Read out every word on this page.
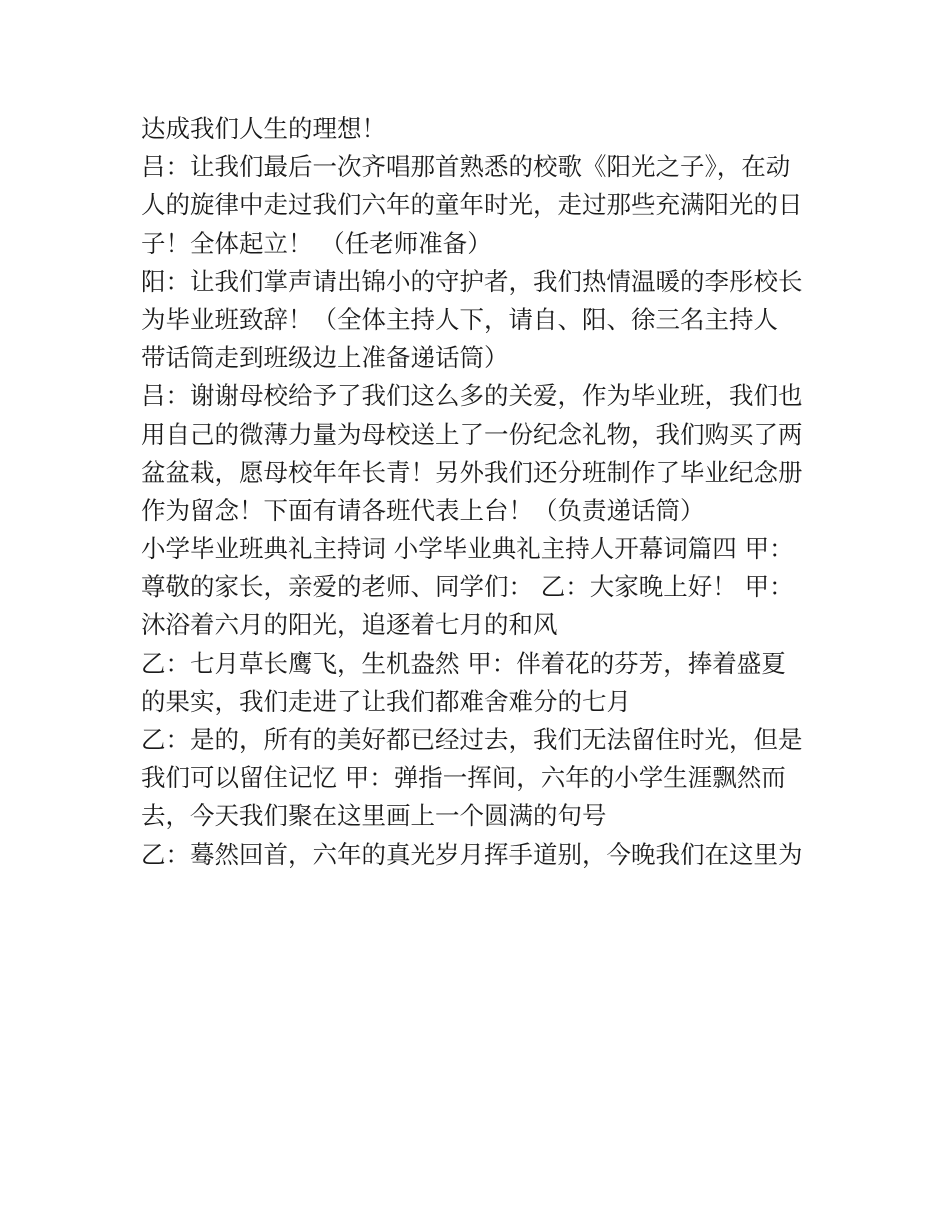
达成我们人生的理想！
吕：让我们最后一次齐唱那首熟悉的校歌《阳光之子》，在动
人的旋律中走过我们六年的童年时光，走过那些充满阳光的日
子！全体起立！ （任老师准备）
阳：让我们掌声请出锦小的守护者，我们热情温暖的李彤校长
为毕业班致辞！（全体主持人下，请自、阳、徐三名主持人
带话筒走到班级边上准备递话筒）
吕：谢谢母校给予了我们这么多的关爱，作为毕业班，我们也
用自己的微薄力量为母校送上了一份纪念礼物，我们购买了两
盆盆栽，愿母校年年长青！另外我们还分班制作了毕业纪念册
作为留念！下面有请各班代表上台！（负责递话筒）
小学毕业班典礼主持词 小学毕业典礼主持人开幕词篇四 甲：
尊敬的家长，亲爱的老师、同学们： 乙：大家晚上好！ 甲：
沐浴着六月的阳光，追逐着七月的和风
乙：七月草长鹰飞，生机盎然 甲：伴着花的芬芳，捧着盛夏
的果实，我们走进了让我们都难舍难分的七月
乙：是的，所有的美好都已经过去，我们无法留住时光，但是
我们可以留住记忆 甲：弹指一挥间，六年的小学生涯飘然而
去，今天我们聚在这里画上一个圆满的句号
乙：蓦然回首，六年的真光岁月挥手道别，今晚我们在这里为
